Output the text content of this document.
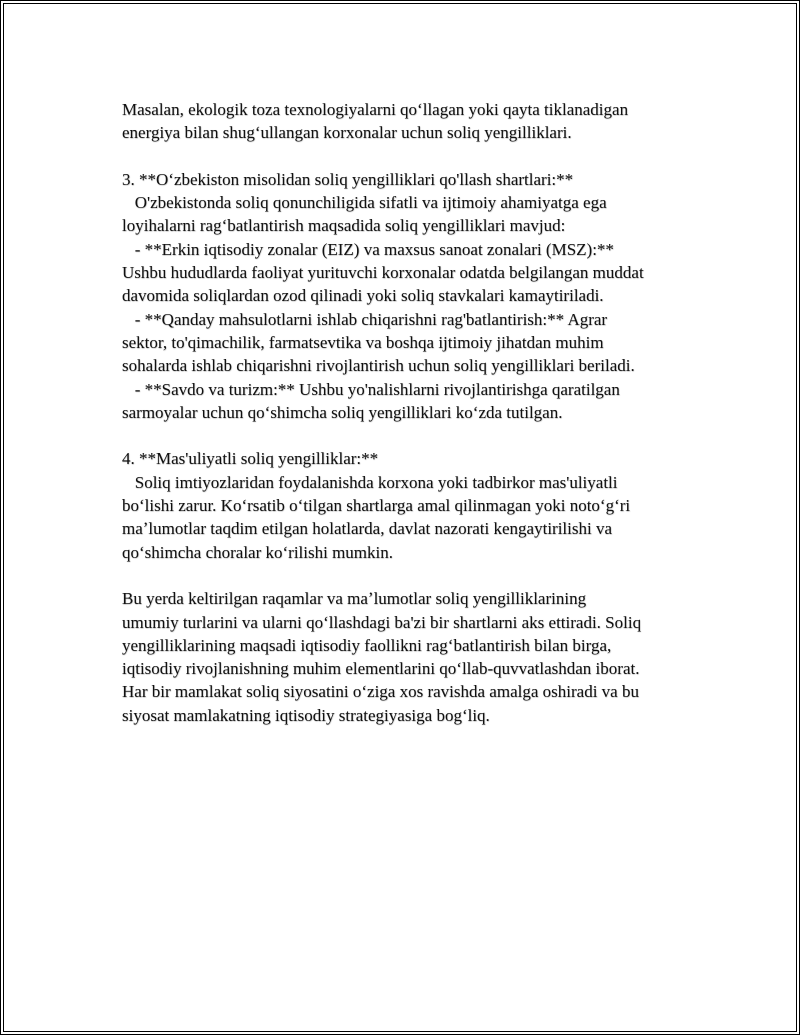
Masalan, ekologik toza texnologiyalarni qoʻllagan yoki qayta tiklanadigan
energiya bilan shugʻullangan korxonalar uchun soliq yengilliklari.
3. **Oʻzbekiston misolidan soliq yengilliklari qo'llash shartlari:**
O'zbekistonda soliq qonunchiligida sifatli va ijtimoiy ahamiyatga ega
loyihalarni ragʻbatlantirish maqsadida soliq yengilliklari mavjud:
- **Erkin iqtisodiy zonalar (EIZ) va maxsus sanoat zonalari (MSZ):**
Ushbu hududlarda faoliyat yurituvchi korxonalar odatda belgilangan muddat
davomida soliqlardan ozod qilinadi yoki soliq stavkalari kamaytiriladi.
- **Qanday mahsulotlarni ishlab chiqarishni rag'batlantirish:** Agrar
sektor, to'qimachilik, farmatsevtika va boshqa ijtimoiy jihatdan muhim
sohalarda ishlab chiqarishni rivojlantirish uchun soliq yengilliklari beriladi.
- **Savdo va turizm:** Ushbu yo'nalishlarni rivojlantirishga qaratilgan
sarmoyalar uchun qoʻshimcha soliq yengilliklari koʻzda tutilgan.
4. **Mas'uliyatli soliq yengilliklar:**
Soliq imtiyozlaridan foydalanishda korxona yoki tadbirkor mas'uliyatli
boʻlishi zarur. Koʻrsatib oʻtilgan shartlarga amal qilinmagan yoki notoʻgʻri
maʼlumotlar taqdim etilgan holatlarda, davlat nazorati kengaytirilishi va
qoʻshimcha choralar koʻrilishi mumkin.
Bu yerda keltirilgan raqamlar va maʼlumotlar soliq yengilliklarining
umumiy turlarini va ularni qoʻllashdagi ba'zi bir shartlarni aks ettiradi. Soliq
yengilliklarining maqsadi iqtisodiy faollikni ragʻbatlantirish bilan birga,
iqtisodiy rivojlanishning muhim elementlarini qoʻllab-quvvatlashdan iborat.
Har bir mamlakat soliq siyosatini oʻziga xos ravishda amalga oshiradi va bu
siyosat mamlakatning iqtisodiy strategiyasiga bogʻliq.
